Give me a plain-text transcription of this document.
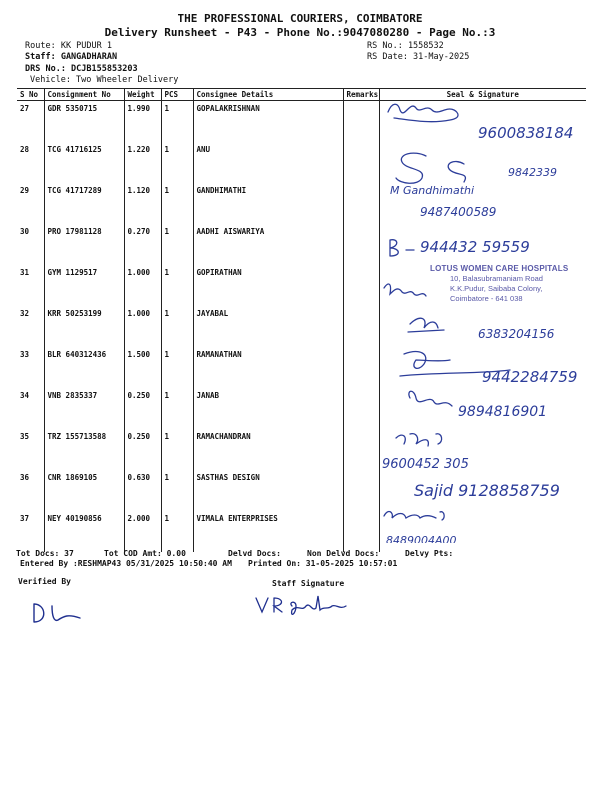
THE PROFESSIONAL COURIERS, COIMBATORE
Delivery Runsheet - P43 - Phone No.:9047080280 - Page No.:3
Route: KK PUDUR 1
Staff: GANGADHARAN
DRS No.: DCJB155853203
Vehicle: Two Wheeler Delivery
RS No.: 1558532
RS Date: 31-May-2025
S No	Consignment No	Weight	PCS	Consignee Details	Remarks	Seal & Signature
27	GDR 5350715	1.990	1	GOPALAKRISHNAN		
28	TCG 41716125	1.220	1	ANU		
29	TCG 41717289	1.120	1	GANDHIMATHI		
30	PRO 17981128	0.270	1	AADHI AISWARIYA		
31	GYM 1129517	1.000	1	GOPIRATHAN		
32	KRR 50253199	1.000	1	JAYABAL		
33	BLR 640312436	1.500	1	RAMANATHAN		
34	VNB 2835337	0.250	1	JANAB		
35	TRZ 155713588	0.250	1	RAMACHANDRAN		
36	CNR 1869105	0.630	1	SASTHAS DESIGN		
37	NEY 40190856	2.000	1	VIMALA ENTERPRISES		
9600838184
9842339
M Gandhimathi
9487400589
944432 59559
6383204156
9442284759
9894816901
9600452 305
Sajid 9128858759
8489004A00
LOTUS WOMEN CARE HOSPITALS
10, Balasubramaniam Road
K.K.Pudur, Saibaba Colony,
Coimbatore - 641 038
Tot Docs: 37	Tot COD Amt: 0.00	Delvd Docs:	Non Delvd Docs:	Delvy Pts:
Entered By :RESHMAP43 05/31/2025 10:50:40 AM Printed On: 31-05-2025 10:57:01
Verified By	Staff Signature
